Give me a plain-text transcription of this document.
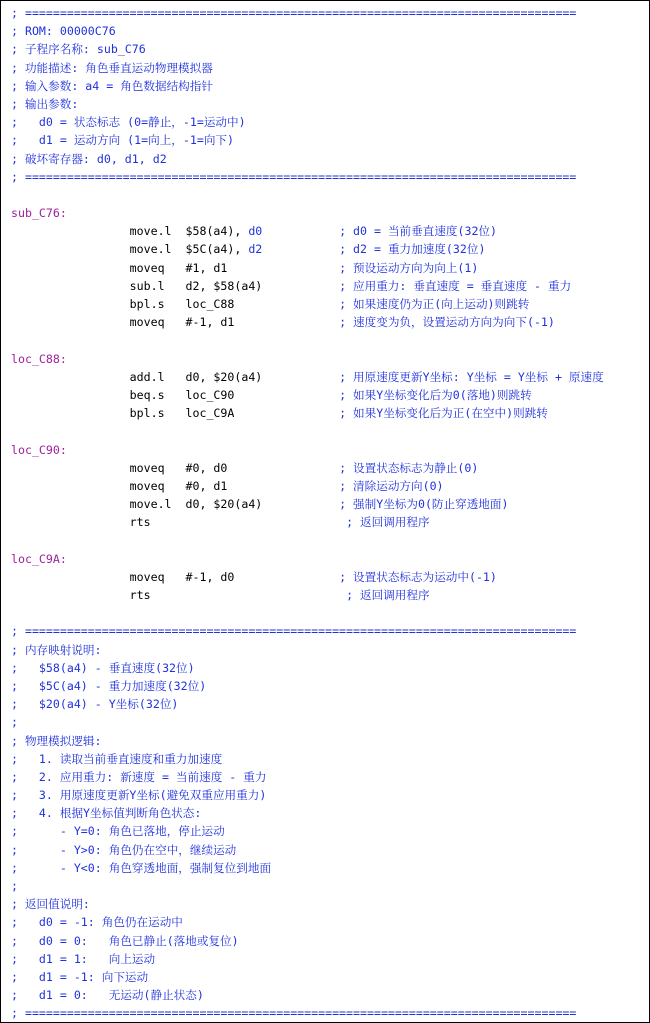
; ===============================================================================
; ROM: 00000C76
; 子程序名称: sub_C76
; 功能描述: 角色垂直运动物理模拟器
; 输入参数: a4 = 角色数据结构指针
; 输出参数:
;   d0 = 状态标志 (0=静止，-1=运动中)
;   d1 = 运动方向 (1=向上，-1=向下)
; 破坏寄存器: d0, d1, d2
; ===============================================================================

sub_C76:
move.l  $58(a4), d0	; d0 = 当前垂直速度(32位)
move.l  $5C(a4), d2	; d2 = 重力加速度(32位)
moveq   #1, d1	; 预设运动方向为向上(1)
sub.l   d2, $58(a4)	; 应用重力: 垂直速度 = 垂直速度 - 重力
bpl.s   loc_C88	; 如果速度仍为正(向上运动)则跳转
moveq   #-1, d1	; 速度变为负，设置运动方向为向下(-1)

loc_C88:
add.l   d0, $20(a4)	; 用原速度更新Y坐标: Y坐标 = Y坐标 + 原速度
beq.s   loc_C90	; 如果Y坐标变化后为0(落地)则跳转
bpl.s   loc_C9A	; 如果Y坐标变化后为正(在空中)则跳转

loc_C90:
moveq   #0, d0	; 设置状态标志为静止(0)
moveq   #0, d1	; 清除运动方向(0)
move.l  d0, $20(a4)	; 强制Y坐标为0(防止穿透地面)
rts	; 返回调用程序

loc_C9A:
moveq   #-1, d0	; 设置状态标志为运动中(-1)
rts	; 返回调用程序

; ===============================================================================
; 内存映射说明:
;   $58(a4) - 垂直速度(32位)
;   $5C(a4) - 重力加速度(32位)
;   $20(a4) - Y坐标(32位)
;
; 物理模拟逻辑:
;   1. 读取当前垂直速度和重力加速度
;   2. 应用重力: 新速度 = 当前速度 - 重力
;   3. 用原速度更新Y坐标(避免双重应用重力)
;   4. 根据Y坐标值判断角色状态:
;      - Y=0: 角色已落地，停止运动
;      - Y>0: 角色仍在空中，继续运动
;      - Y<0: 角色穿透地面，强制复位到地面
;
; 返回值说明:
;   d0 = -1: 角色仍在运动中
;   d0 = 0:   角色已静止(落地或复位)
;   d1 = 1:   向上运动
;   d1 = -1: 向下运动
;   d1 = 0:   无运动(静止状态)
; ===============================================================================
